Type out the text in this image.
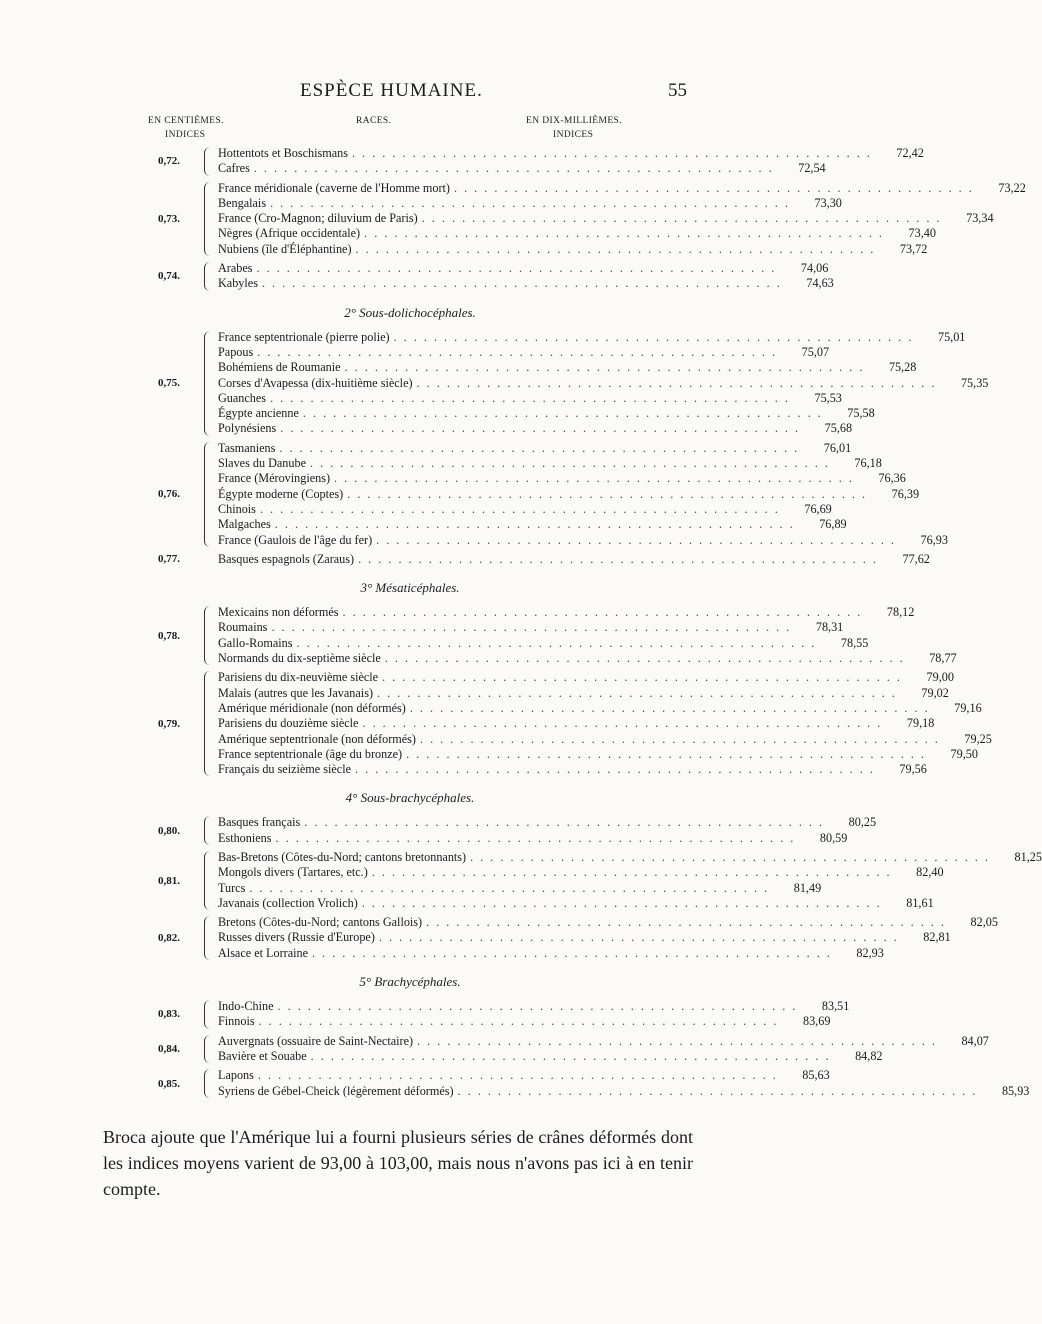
ESPÈCE HUMAINE.	55
EN CENTIÈMES.
INDICES
RACES.	EN DIX-MILLIÈMES.
INDICES
0,72.
Hottentots et Boschismans . . .	72,42
Cafres . . .	72,54
0,73.
France méridionale (caverne de l'Homme mort) . . .	73,22
Bengalais . . .	73,30
France (Cro-Magnon; diluvium de Paris) . . .	73,34
Nègres (Afrique occidentale) . . .	73,40
Nubiens (île d'Éléphantine) . . .	73,72
0,74.
Arabes . . .	74,06
Kabyles . . .	74,63
2° Sous-dolichocéphales.
0,75.
France septentrionale (pierre polie) . . .	75,01
Papous . . .	75,07
Bohémiens de Roumanie . . .	75,28
Corses d'Avapessa (dix-huitième siècle) . . .	75,35
Guanches . . .	75,53
Égypte ancienne . . .	75,58
Polynésiens . . .	75,68
0,76.
Tasmaniens . . .	76,01
Slaves du Danube . . .	76,18
France (Mérovingiens) . . .	76,36
Égypte moderne (Coptes) . . .	76,39
Chinois . . .	76,69
Malgaches . . .	76,89
France (Gaulois de l'âge du fer) . . .	76,93
0,77.	Basques espagnols (Zaraus) . . .	77,62
3° Mésaticéphales.
0,78.
Mexicains non déformés . . .	78,12
Roumains . . .	78,31
Gallo-Romains . . .	78,55
Normands du dix-septième siècle . . .	78,77
0,79.
Parisiens du dix-neuvième siècle . . .	79,00
Malais (autres que les Javanais) . . .	79,02
Amérique méridionale (non déformés) . . .	79,16
Parisiens du douzième siècle . . .	79,18
Amérique septentrionale (non déformés) . . .	79,25
France septentrionale (âge du bronze) . . .	79,50
Français du seizième siècle . . .	79,56
4° Sous-brachycéphales.
0,80.
Basques français . . .	80,25
Esthoniens . . .	80,59
0,81.
Bas-Bretons (Côtes-du-Nord; cantons bretonnants) . . .	81,25
Mongols divers (Tartares, etc.) . . .	82,40
Turcs . . .	81,49
Javanais (collection Vrolich) . . .	81,61
0,82.
Bretons (Côtes-du-Nord; cantons Gallois) . . .	82,05
Russes divers (Russie d'Europe) . . .	82,81
Alsace et Lorraine . . .	82,93
5° Brachycéphales.
0,83.
Indo-Chine . . .	83,51
Finnois . . .	83,69
0,84.
Auvergnats (ossuaire de Saint-Nectaire) . . .	84,07
Bavière et Souabe . . .	84,82
0,85.
Lapons . . .	85,63
Syriens de Gébel-Cheick (légèrement déformés) . . .	85,93
Broca ajoute que l'Amérique lui a fourni plusieurs séries de crânes déformés dont les indices moyens varient de 93,00 à 103,00, mais nous n'avons pas ici à en tenir compte.
